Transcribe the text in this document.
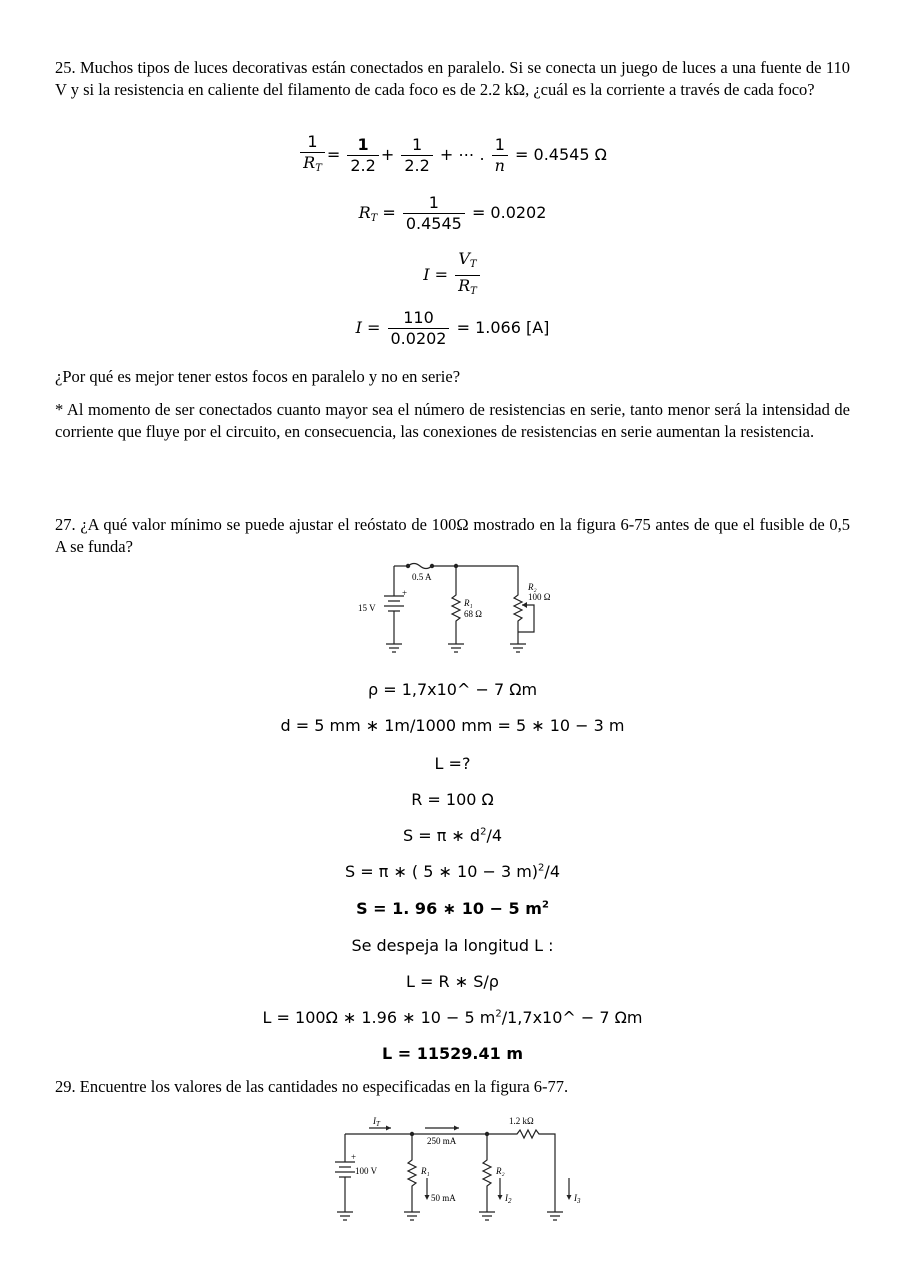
25. Muchos tipos de luces decorativas están conectados en paralelo. Si se conecta un juego de luces a una fuente de 110 V y si la resistencia en caliente del filamento de cada foco es de 2.2 kΩ, ¿cuál es la corriente a través de cada foco?
$\frac{1}{R_T} = \frac{1}{2.2} + \frac{1}{2.2}$ + ⋯ . $\frac{1}{n} = 0.4545$ Ω
$R_T = \frac{1}{0.4545} = 0.0202$
$I = \frac{V_T}{R_T}$
$I = \frac{110}{0.0202} = 1.066$ [A]
¿Por qué es mejor tener estos focos en paralelo y no en serie?
* Al momento de ser conectados cuanto mayor sea el número de resistencias en serie, tanto menor será la intensidad de corriente que fluye por el circuito, en consecuencia, las conexiones de resistencias en serie aumentan la resistencia.
27. ¿A qué valor mínimo se puede ajustar el reóstato de 100Ω mostrado en la figura 6-75 antes de que el fusible de 0,5 A se funda?
0.5 A
15 V
+
R₁
68 Ω
R₂
100 Ω
ρ = 1,7x10^ − 7 Ωm
d = 5 mm ∗ 1m/1000 mm = 5 ∗ 10 − 3 m
L =?
R = 100 Ω
S = π ∗ $d^2/4$
S = π ∗ ( 5 ∗ 10 − 3 m)$^2$/4
S = 1. 96 ∗ 10 − 5 $m^2$
Se despeja la longitud L :
L = R ∗ S/ρ
L = 100Ω ∗ 1.96 ∗ 10 − 5 $m^2/1,7x10\^{} - 7$ Ωm
L = 11529.41 m
29. Encuentre los valores de las cantidades no especificadas en la figura 6-77.
1.2 kΩ
$I_T$
250 mA
100 V
+
R₁
50 mA
R₂
$I_2$	$I_3$
